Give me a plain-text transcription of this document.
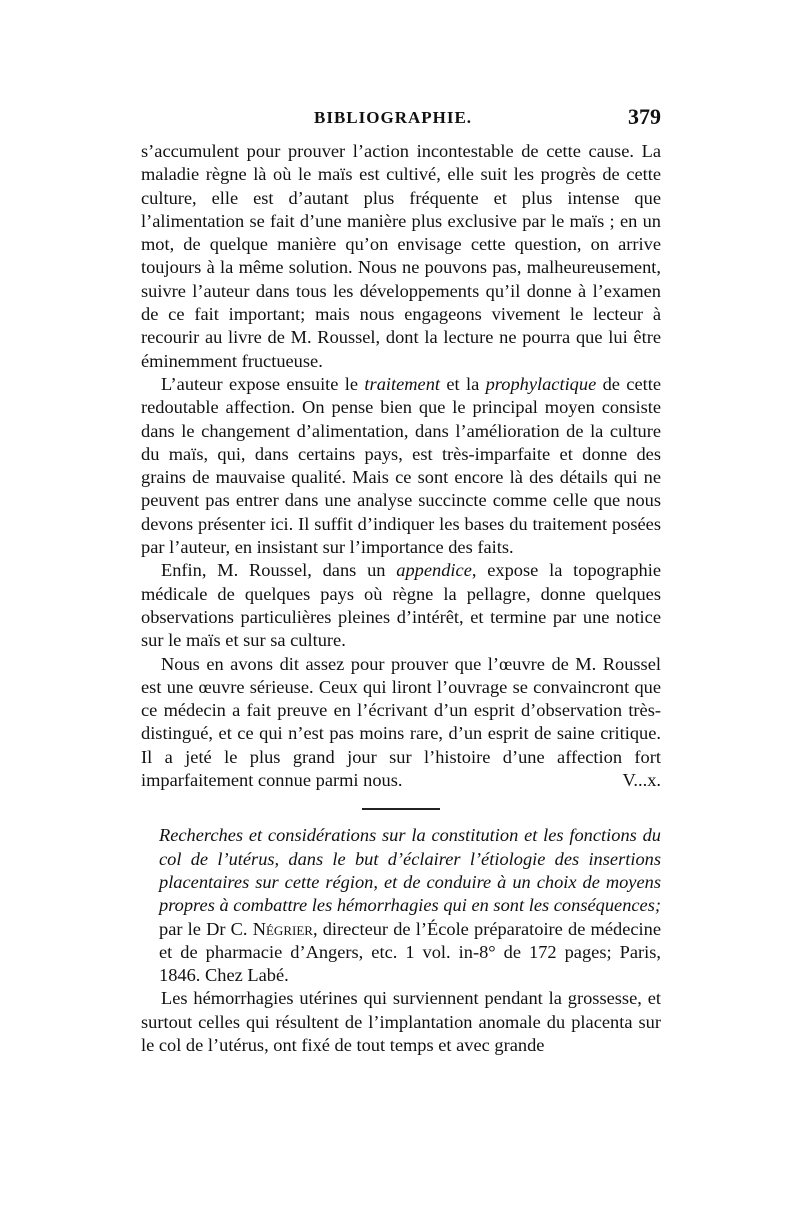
BIBLIOGRAPHIE.	379

s’accumulent pour prouver l’action incontestable de cette cause. La maladie règne là où le maïs est cultivé, elle suit les progrès de cette culture, elle est d’autant plus fréquente et plus intense que l’alimentation se fait d’une manière plus exclusive par le maïs ; en un mot, de quelque manière qu’on envisage cette question, on arrive toujours à la même solution. Nous ne pouvons pas, malheureusement, suivre l’auteur dans tous les développements qu’il donne à l’examen de ce fait important; mais nous engageons vivement le lecteur à recourir au livre de M. Roussel, dont la lecture ne pourra que lui être éminemment fructueuse.

L’auteur expose ensuite le traitement et la prophylactique de cette redoutable affection. On pense bien que le principal moyen consiste dans le changement d’alimentation, dans l’amélioration de la culture du maïs, qui, dans certains pays, est très-imparfaite et donne des grains de mauvaise qualité. Mais ce sont encore là des détails qui ne peuvent pas entrer dans une analyse succincte comme celle que nous devons présenter ici. Il suffit d’indiquer les bases du traitement posées par l’auteur, en insistant sur l’importance des faits.

Enfin, M. Roussel, dans un appendice, expose la topographie médicale de quelques pays où règne la pellagre, donne quelques observations particulières pleines d’intérêt, et termine par une notice sur le maïs et sur sa culture.

Nous en avons dit assez pour prouver que l’œuvre de M. Roussel est une œuvre sérieuse. Ceux qui liront l’ouvrage se convaincront que ce médecin a fait preuve en l’écrivant d’un esprit d’observation très-distingué, et ce qui n’est pas moins rare, d’un esprit de saine critique. Il a jeté le plus grand jour sur l’histoire d’une affection fort imparfaitement connue parmi nous.	V...x.

Recherches et considérations sur la constitution et les fonctions du col de l’utérus, dans le but d’éclairer l’étiologie des insertions placentaires sur cette région, et de conduire à un choix de moyens propres à combattre les hémorrhagies qui en sont les conséquences; par le Dr C. Négrier, directeur de l’École préparatoire de médecine et de pharmacie d’Angers, etc. 1 vol. in-8° de 172 pages; Paris, 1846. Chez Labé.

Les hémorrhagies utérines qui surviennent pendant la grossesse, et surtout celles qui résultent de l’implantation anomale du placenta sur le col de l’utérus, ont fixé de tout temps et avec grande
